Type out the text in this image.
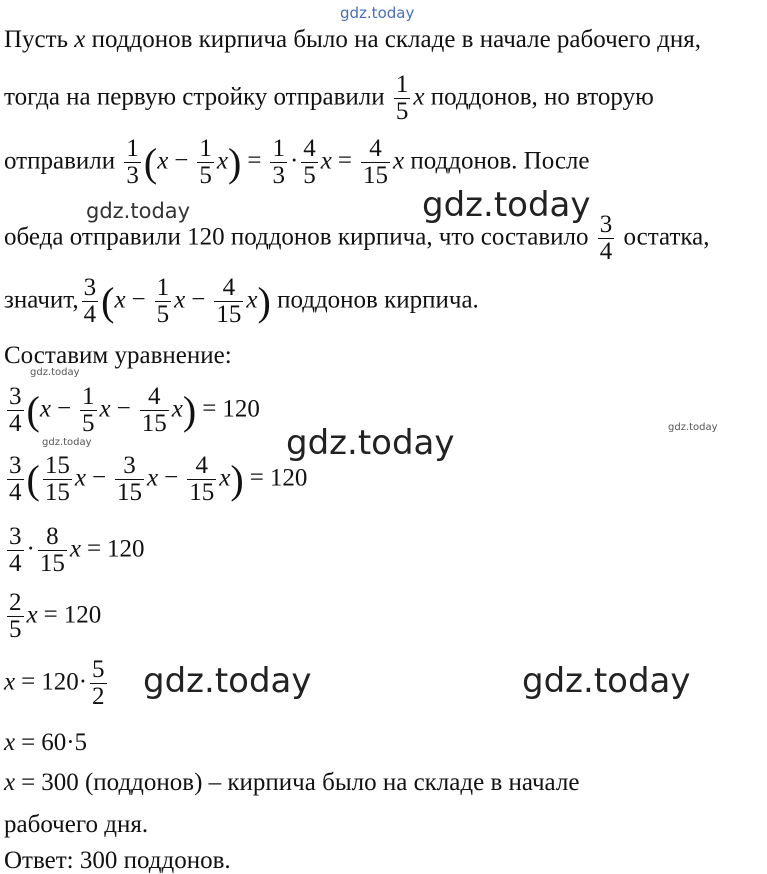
Пусть x поддонов кирпича было на складе в начале рабочего дня,
тогда на первую стройку отправили $\frac{1}{5}$ x поддонов, но вторую
отправили $\frac{1}{3} (x - \frac{1}{5} x) = \frac{1}{3} \cdot \frac{4}{5}$ $x = \frac{4}{15}$ x поддонов. После
обеда отправили 120 поддонов кирпича, что составило $\frac{3}{4}$ остатка,
значит, $\frac{3}{4} (x - \frac{1}{5}$ $x - \frac{4}{15} x$) поддонов кирпича.
Составим уравнение:
$\frac{3}{4} (x - \frac{1}{5}$ $x - \frac{4}{15} x) = 120$
$\frac{3}{4}$ ( $\frac{15}{15}$ $x - \frac{3}{15}$ $x - \frac{4}{15} x) = 120$
$\frac{3}{4} \cdot \frac{8}{15}$ x = 120
$\frac{2}{5}$ x = 120
$x = 120\cdot \frac{5}{2}$
x = 60·5
x = 300 (поддонов) – кирпича было на складе в начале
рабочего дня.
Ответ: 300 поддонов.
gdz.today
gdz.today	gdz.today
gdz.today
gdz.today
gdz.today
gdz.today
gdz.today	gdz.today
